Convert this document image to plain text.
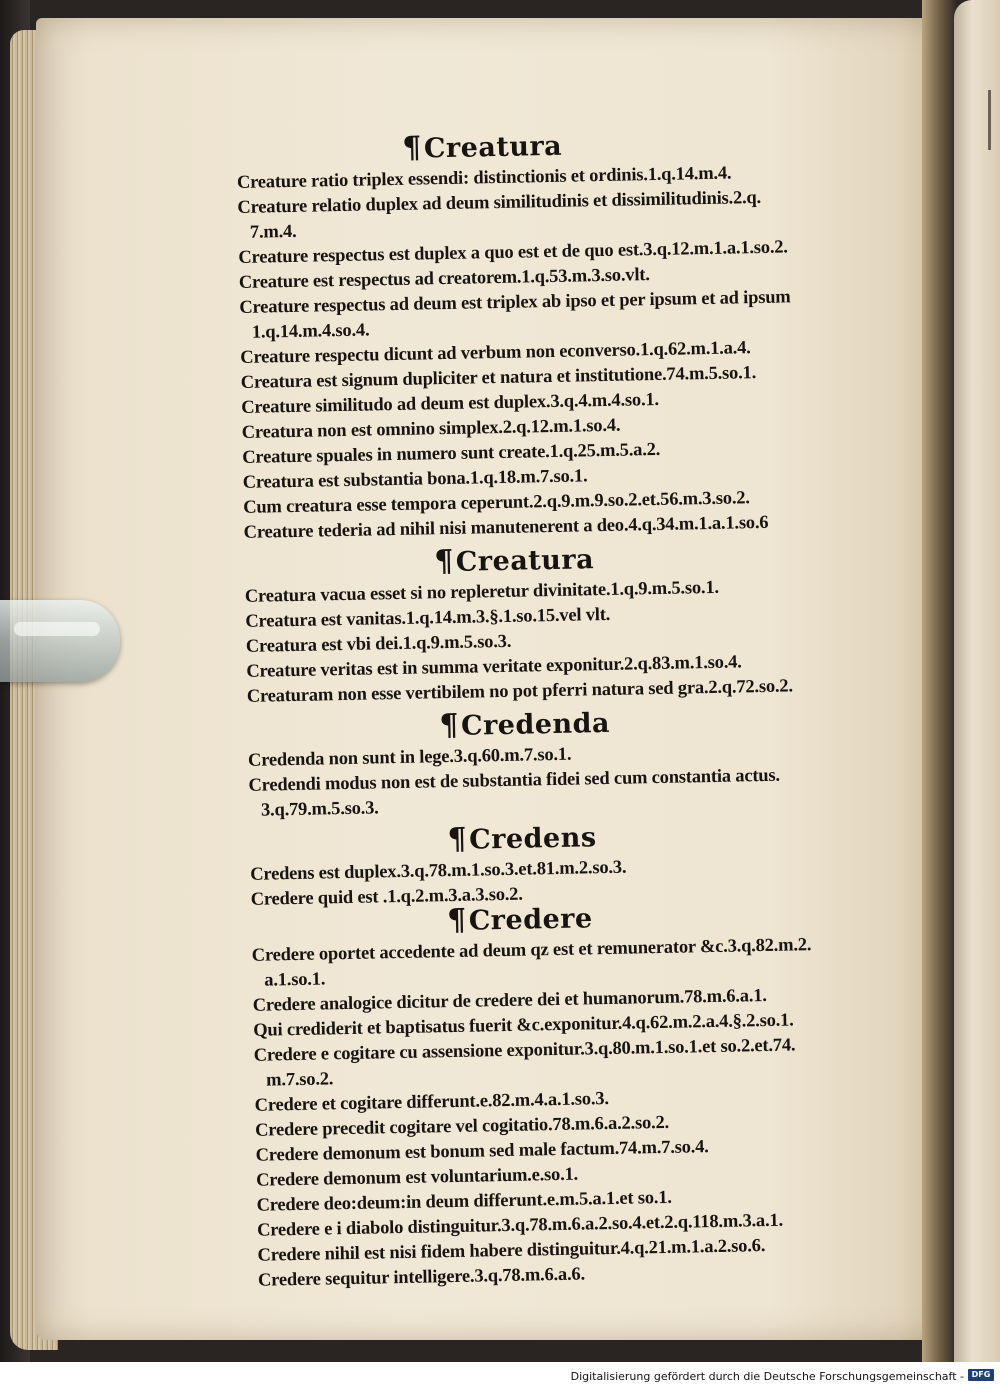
¶Creatura
Creature ratio triplex essendi: distinctionis et ordinis.1.q.14.m.4.
Creature relatio duplex ad deum similitudinis et dissimilitudinis.2.q.
7.m.4.
Creature respectus est duplex a quo est et de quo est.3.q.12.m.1.a.1.so.2.
Creature est respectus ad creatorem.1.q.53.m.3.so.vlt.
Creature respectus ad deum est triplex ab ipso et per ipsum et ad ipsum
1.q.14.m.4.so.4.
Creature respectu dicunt ad verbum non econverso.1.q.62.m.1.a.4.
Creatura est signum dupliciter et natura et institutione.74.m.5.so.1.
Creature similitudo ad deum est duplex.3.q.4.m.4.so.1.
Creatura non est omnino simplex.2.q.12.m.1.so.4.
Creature spuales in numero sunt create.1.q.25.m.5.a.2.
Creatura est substantia bona.1.q.18.m.7.so.1.
Cum creatura esse tempora ceperunt.2.q.9.m.9.so.2.et.56.m.3.so.2.
Creature tederia ad nihil nisi manutenerent a deo.4.q.34.m.1.a.1.so.6
¶Creatura
Creatura vacua esset si no repleretur divinitate.1.q.9.m.5.so.1.
Creatura est vanitas.1.q.14.m.3.§.1.so.15.vel vlt.
Creatura est vbi dei.1.q.9.m.5.so.3.
Creature veritas est in summa veritate exponitur.2.q.83.m.1.so.4.
Creaturam non esse vertibilem no pot pferri natura sed gra.2.q.72.so.2.
¶Credenda
Credenda non sunt in lege.3.q.60.m.7.so.1.
Credendi modus non est de substantia fidei sed cum constantia actus.
3.q.79.m.5.so.3.
¶Credens
Credens est duplex.3.q.78.m.1.so.3.et.81.m.2.so.3.
Credere quid est .1.q.2.m.3.a.3.so.2.
¶Credere
Credere oportet accedente ad deum qz est et remunerator &c.3.q.82.m.2.
a.1.so.1.
Credere analogice dicitur de credere dei et humanorum.78.m.6.a.1.
Qui crediderit et baptisatus fuerit &c.exponitur.4.q.62.m.2.a.4.§.2.so.1.
Credere e cogitare cu assensione exponitur.3.q.80.m.1.so.1.et so.2.et.74.
m.7.so.2.
Credere et cogitare differunt.e.82.m.4.a.1.so.3.
Credere precedit cogitare vel cogitatio.78.m.6.a.2.so.2.
Credere demonum est bonum sed male factum.74.m.7.so.4.
Credere demonum est voluntarium.e.so.1.
Credere deo:deum:in deum differunt.e.m.5.a.1.et so.1.
Credere e i diabolo distinguitur.3.q.78.m.6.a.2.so.4.et.2.q.118.m.3.a.1.
Credere nihil est nisi fidem habere distinguitur.4.q.21.m.1.a.2.so.6.
Credere sequitur intelligere.3.q.78.m.6.a.6.
Digitalisierung gefördert durch die Deutsche Forschungsgemeinschaft - DFG
